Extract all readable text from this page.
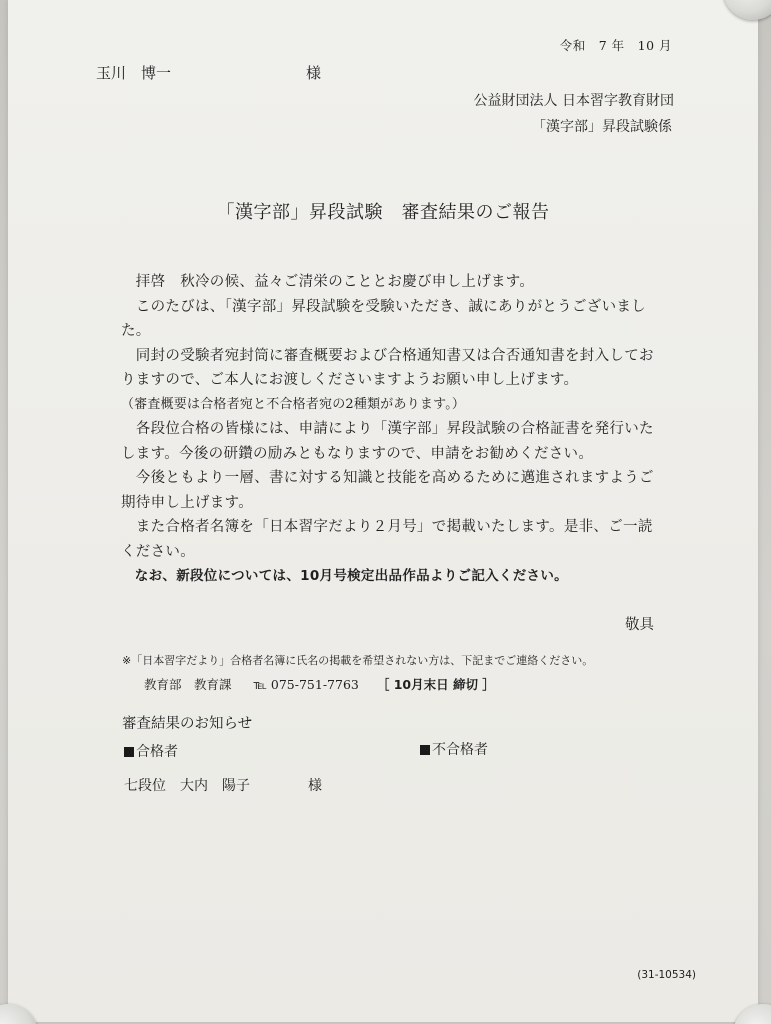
令和　7 年　10 月
玉川　博一	様
公益財団法人 日本習字教育財団
「漢字部」昇段試験係
「漢字部」昇段試験　審査結果のご報告

　拝啓　秋冷の候、益々ご清栄のこととお慶び申し上げます。

　このたびは、「漢字部」昇段試験を受験いただき、誠にありがとうございました。

　同封の受験者宛封筒に審査概要および合格通知書又は合否通知書を封入しておりますので、ご本人にお渡しくださいますようお願い申し上げます。

（審査概要は合格者宛と不合格者宛の2種類があります。）

　各段位合格の皆様には、申請により「漢字部」昇段試験の合格証書を発行いたします。今後の研鑽の励みともなりますので、申請をお勧めください。

　今後ともより一層、書に対する知識と技能を高めるために邁進されますようご期待申し上げます。

　また合格者名簿を「日本習字だより２月号」で掲載いたします。是非、ご一読ください。

　なお、新段位については、10月号検定出品作品よりご記入ください。

敬具
※「日本習字だより」合格者名簿に氏名の掲載を希望されない方は、下記までご連絡ください。
教育部　教育課 ℡ 075-751-7763 ［ 10月末日 締切 ］
審査結果のお知らせ
合格者	不合格者
七段位 大内　陽子	様
(31-10534)
